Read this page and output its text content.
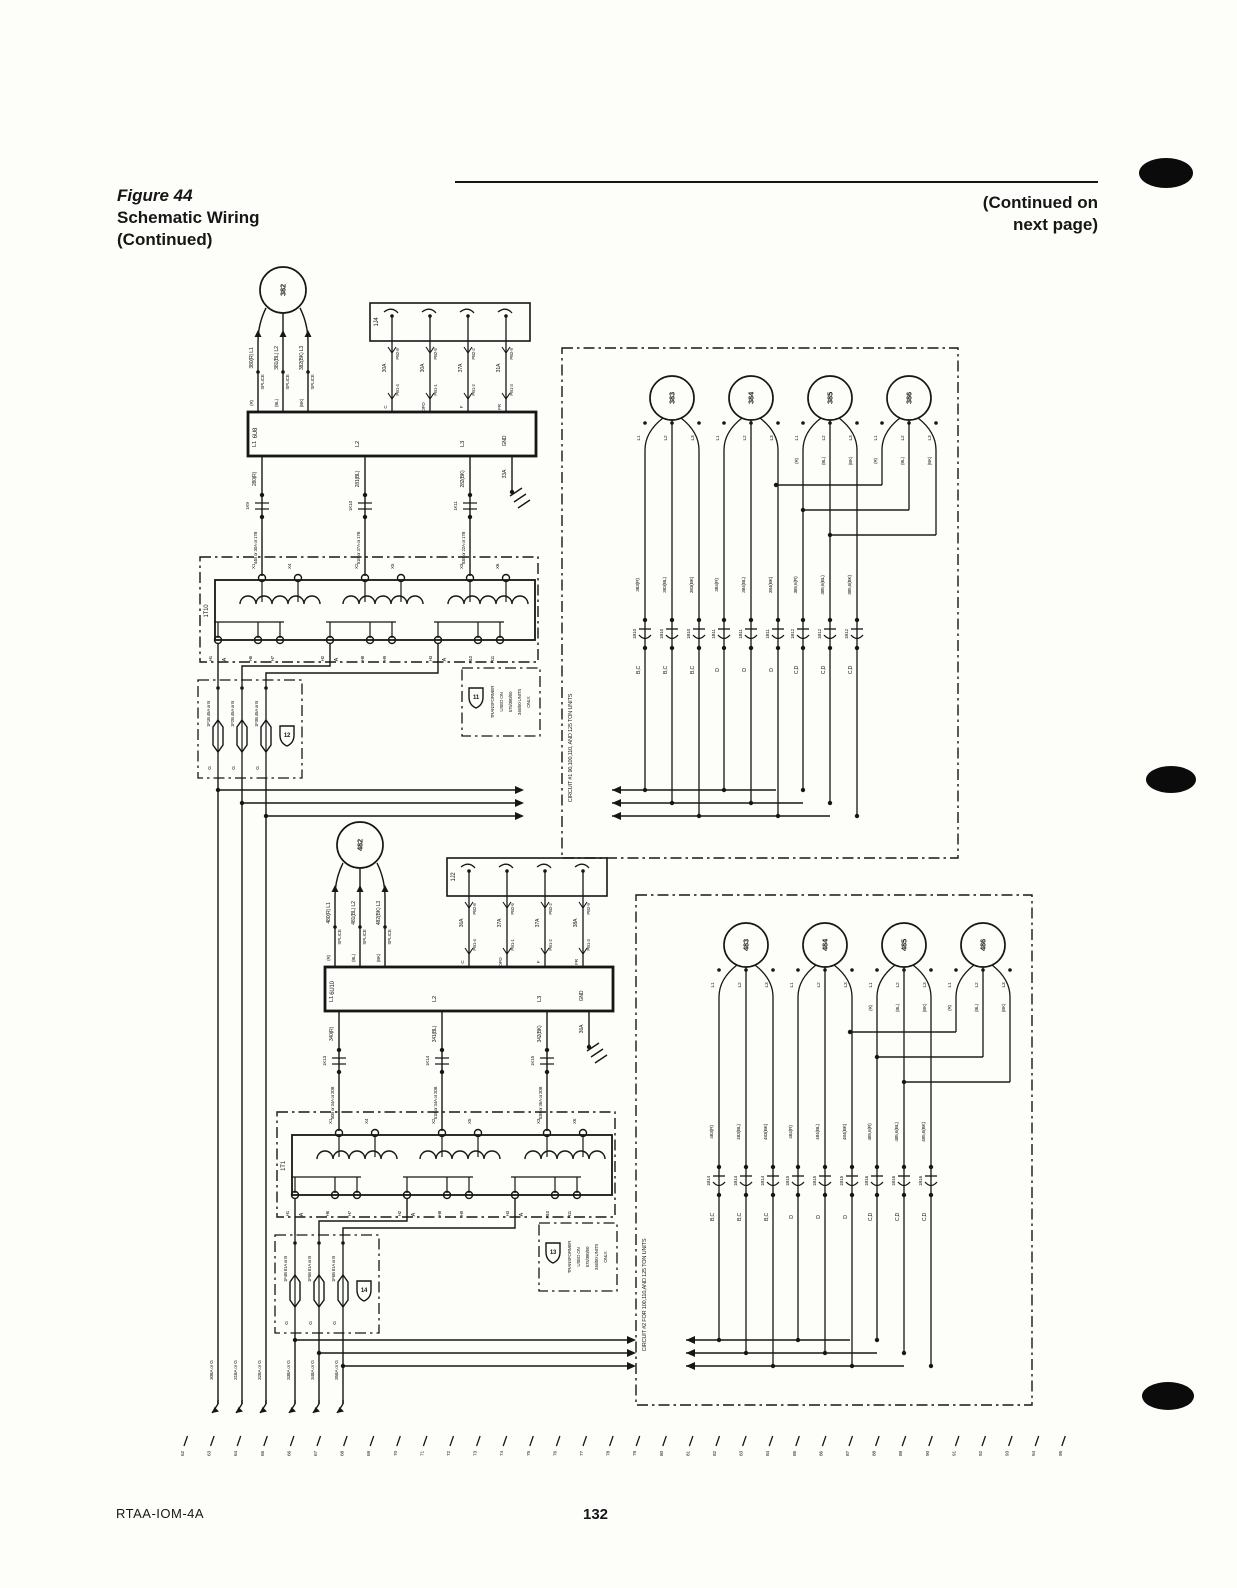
Figure 44
Schematic Wiring
(Continued)
(Continued on
next page)
382
380(R) L1
SPLICE
(R)
381(BL) L2
SPLICE
(BL)
382(BK) L3
SPLICE
(BK)
1J4
PB2-8
30A
PB1-4
C
PB2-5
30A
PB1-1
OFD
PB2-2
37A
PB1-2
F
PB2-9
31A
PB1-3
FR
6U8
L1	L2	L3	GND
280(R)
1K9
44B or 30A or 17B
281(BL)
1K10
51B or 37A or 17B
282(BK)
1K11
53B or 22A or 17B
33A
1T10
X1	X4	X2	X5	X3	X6
H1	H6	H7	H2	H8	H9	H3	H10	H11
A	A	A
11 TRANSFORMER USED ON 575/380/50 346/50 UNITS ONLY.
1F1B 45A or B
G
1F2B 45A or B
G
1F3B 45A or B
G
12
308A or G	318A or G	328A or G
482
480(R) L1
SPLICE
(R)
481(BL) L2
SPLICE
(BL)
482(BK) L3
SPLICE
(BK)
1J2
PB2-8
36A
PB1-4
C
PB2-5
37A
PB1-1
OFD
PB2-2
37A
PB1-2
F
PB2-9
38A
PB1-3
FR
6U10
L1	L2	L3	GND
340(R)
1K13
50B or 34A or 20B
341(BL)
1K14
51B or 34A or 20B
342(BK)
1K15
53B or 36A or 20B
36A
1T1
X1	X4	X2	X5	X3	X6
H1	H6	H7	H2	H8	H9	H3	H10	H11
A	A	A
13 TRANSFORMER USED ON 575/380/50 346/50 UNITS ONLY.
1F4B 81A or B
G
1F5B 81A or B
G
1F6B 81A or B
G
14
338A or G	348A or G	358A or G
CIRCUIT #1 90,100,110, AND 125 TON UNITS
383
L1	L2	L3
384
L1	L2	L3
385
L1
(R)
L2
(BL)
L3
(BK)
386
L1
(R)
L2
(BL)
L3
(BK)
383(R)
1B10
B,C
383(BL)
1B10
B,C
383(BK)
1B10
B,C
384(R)
1B11
D
384(BL)
1B11
D
384(BK)
1B11
D
385,6(R)
1B12
C,D
385,6(BL)
1B12
C,D
385,6(BK)
1B12
C,D
CIRCUIT #2 FOR 100,110,AND 125 TON UNITS
483
L1	L2	L3
484
L1	L2	L3
485
L1
(R)
L2
(BL)
L3
(BK)
486
L1
(R)
L2
(BL)
L3
(BK)
483(R)
1B14
B,C
483(BL)
1B14
B,C
483(BK)
1B14
B,C
484(R)
1B15
D
484(BL)
1B15
D
484(BK)
1B15
D
485,6(R)
1B16
C,D
485,6(BL)
1B16
C,D
485,6(BK)
1B16
C,D
62	63	64	65	66	67	68	69	70	71	72	73	74	75	76	77	78	79	80	81	82	83	84	85	86	87	88	89	90	91	92	93	94	95
RTAA-IOM-4A	132
